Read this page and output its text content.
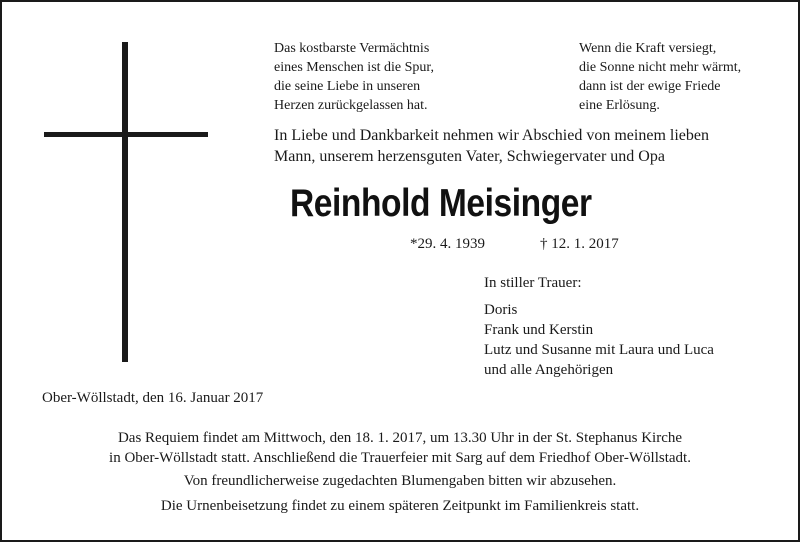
Das kostbarste Vermächtnis
eines Menschen ist die Spur,
die seine Liebe in unseren
Herzen zurückgelassen hat.
Wenn die Kraft versiegt,
die Sonne nicht mehr wärmt,
dann ist der ewige Friede
eine Erlösung.
In Liebe und Dankbarkeit nehmen wir Abschied von meinem lieben
Mann, unserem herzensguten Vater, Schwiegervater und Opa
Reinhold Meisinger
*29. 4. 1939	† 12. 1. 2017
In stiller Trauer:
Doris
Frank und Kerstin
Lutz und Susanne mit Laura und Luca
und alle Angehörigen
Ober-Wöllstadt, den 16. Januar 2017
Das Requiem findet am Mittwoch, den 18. 1. 2017, um 13.30 Uhr in der St. Stephanus Kirche
in Ober-Wöllstadt statt. Anschließend die Trauerfeier mit Sarg auf dem Friedhof Ober-Wöllstadt.
Von freundlicherweise zugedachten Blumengaben bitten wir abzusehen.
Die Urnenbeisetzung findet zu einem späteren Zeitpunkt im Familienkreis statt.
